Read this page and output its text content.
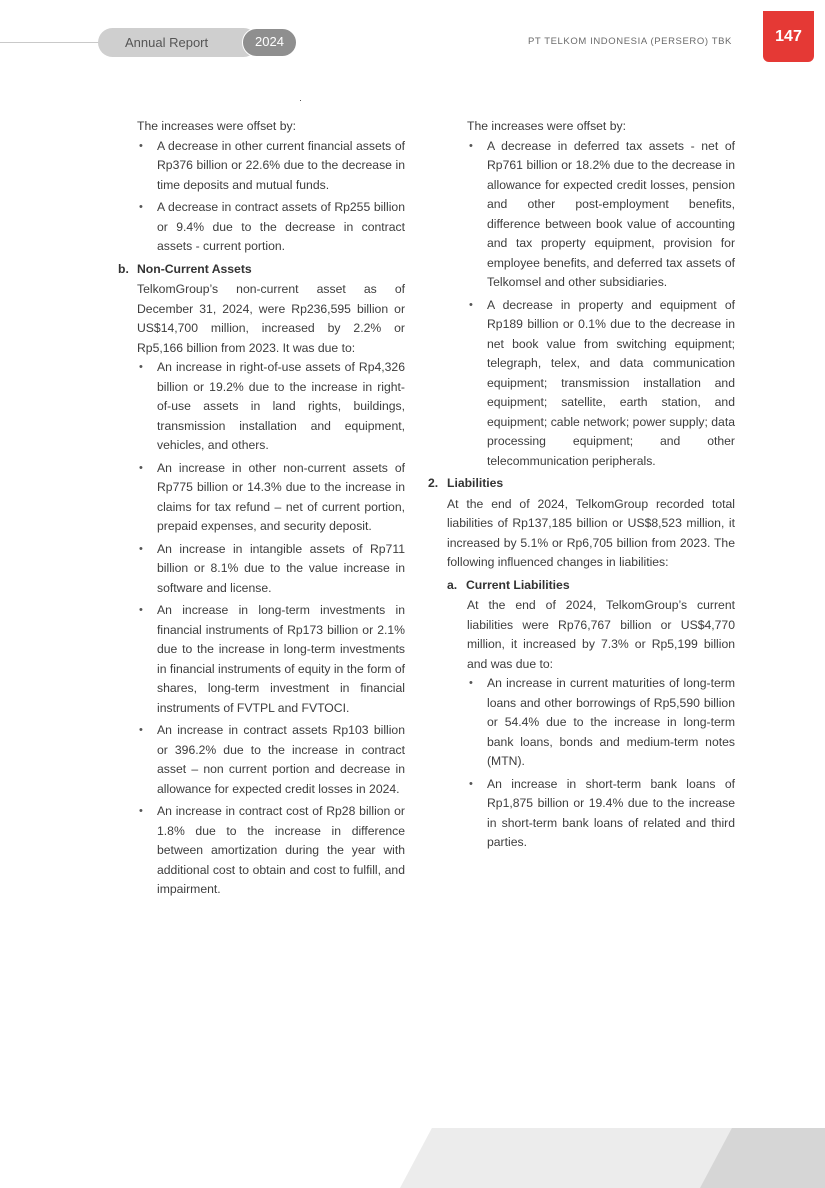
Annual Report	2024	PT TELKOM INDONESIA (PERSERO) TBK	147

The increases were offset by:

• A decrease in other current financial assets of Rp376 billion or 22.6% due to the decrease in time deposits and mutual funds.
• A decrease in contract assets of Rp255 billion or 9.4% due to the decrease in contract assets - current portion.
b. Non-Current Assets

TelkomGroup’s non-current asset as of December 31, 2024, were Rp236,595 billion or US$14,700 million, increased by 2.2% or Rp5,166 billion from 2023. It was due to:

• An increase in right-of-use assets of Rp4,326 billion or 19.2% due to the increase in right-of-use assets in land rights, buildings, transmission installation and equipment, vehicles, and others.
• An increase in other non-current assets of Rp775 billion or 14.3% due to the increase in claims for tax refund – net of current portion, prepaid expenses, and security deposit.
• An increase in intangible assets of Rp711 billion or 8.1% due to the value increase in software and license.
• An increase in long-term investments in financial instruments of Rp173 billion or 2.1% due to the increase in long-term investments in financial instruments of equity in the form of shares, long-term investment in financial instruments of FVTPL and FVTOCI.
• An increase in contract assets Rp103 billion or 396.2% due to the increase in contract asset – non current portion and decrease in allowance for expected credit losses in 2024.
• An increase in contract cost of Rp28 billion or 1.8% due to the increase in difference between amortization during the year with additional cost to obtain and cost to fulfill, and impairment.

The increases were offset by:

• A decrease in deferred tax assets - net of Rp761 billion or 18.2% due to the decrease in allowance for expected credit losses, pension and other post-employment benefits, difference between book value of accounting and tax property equipment, provision for employee benefits, and deferred tax assets of Telkomsel and other subsidiaries.
• A decrease in property and equipment of Rp189 billion or 0.1% due to the decrease in net book value from switching equipment; telegraph, telex, and data communication equipment; transmission installation and equipment; satellite, earth station, and equipment; cable network; power supply; data processing equipment; and other telecommunication peripherals.
2. Liabilities

At the end of 2024, TelkomGroup recorded total liabilities of Rp137,185 billion or US$8,523 million, it increased by 5.1% or Rp6,705 billion from 2023. The following influenced changes in liabilities:

a. Current Liabilities

At the end of 2024, TelkomGroup’s current liabilities were Rp76,767 billion or US$4,770 million, it increased by 7.3% or Rp5,199 billion and was due to:

• An increase in current maturities of long-term loans and other borrowings of Rp5,590 billion or 54.4% due to the increase in long-term bank loans, bonds and medium-term notes (MTN).
• An increase in short-term bank loans of Rp1,875 billion or 19.4% due to the increase in short-term bank loans of related and third parties.
